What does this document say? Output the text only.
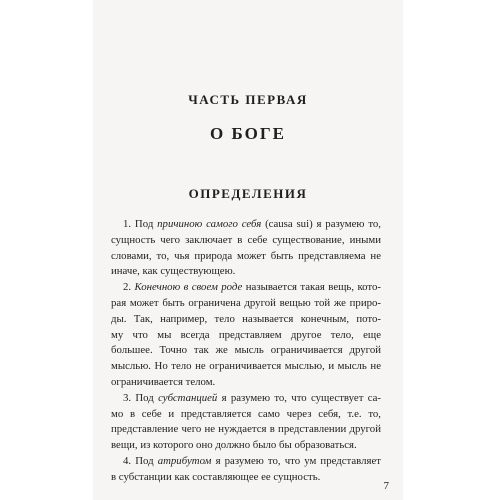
ЧАСТЬ ПЕРВАЯ
О БОГЕ
ОПРЕДЕЛЕНИЯ
1. Под причиною самого себя (causa sui) я разумею то,
сущность чего заключает в себе существование, иными
словами, то, чья природа может быть представляема не
иначе, как существующею.
2. Конечною в своем роде называется такая вещь, кото-
рая может быть ограничена другой вещью той же приро-
ды. Так, например, тело называется конечным, пото-
му что мы всегда представляем другое тело, еще
большее. Точно так же мысль ограничивается другой
мыслью. Но тело не ограничивается мыслью, и мысль не
ограничивается телом.
3. Под субстанцией я разумею то, что существует са-
мо в себе и представляется само через себя, т.е. то,
представление чего не нуждается в представлении другой
вещи, из которого оно должно было бы образоваться.
4. Под атрибутом я разумею то, что ум представляет
в субстанции как составляющее ее сущность.
7
